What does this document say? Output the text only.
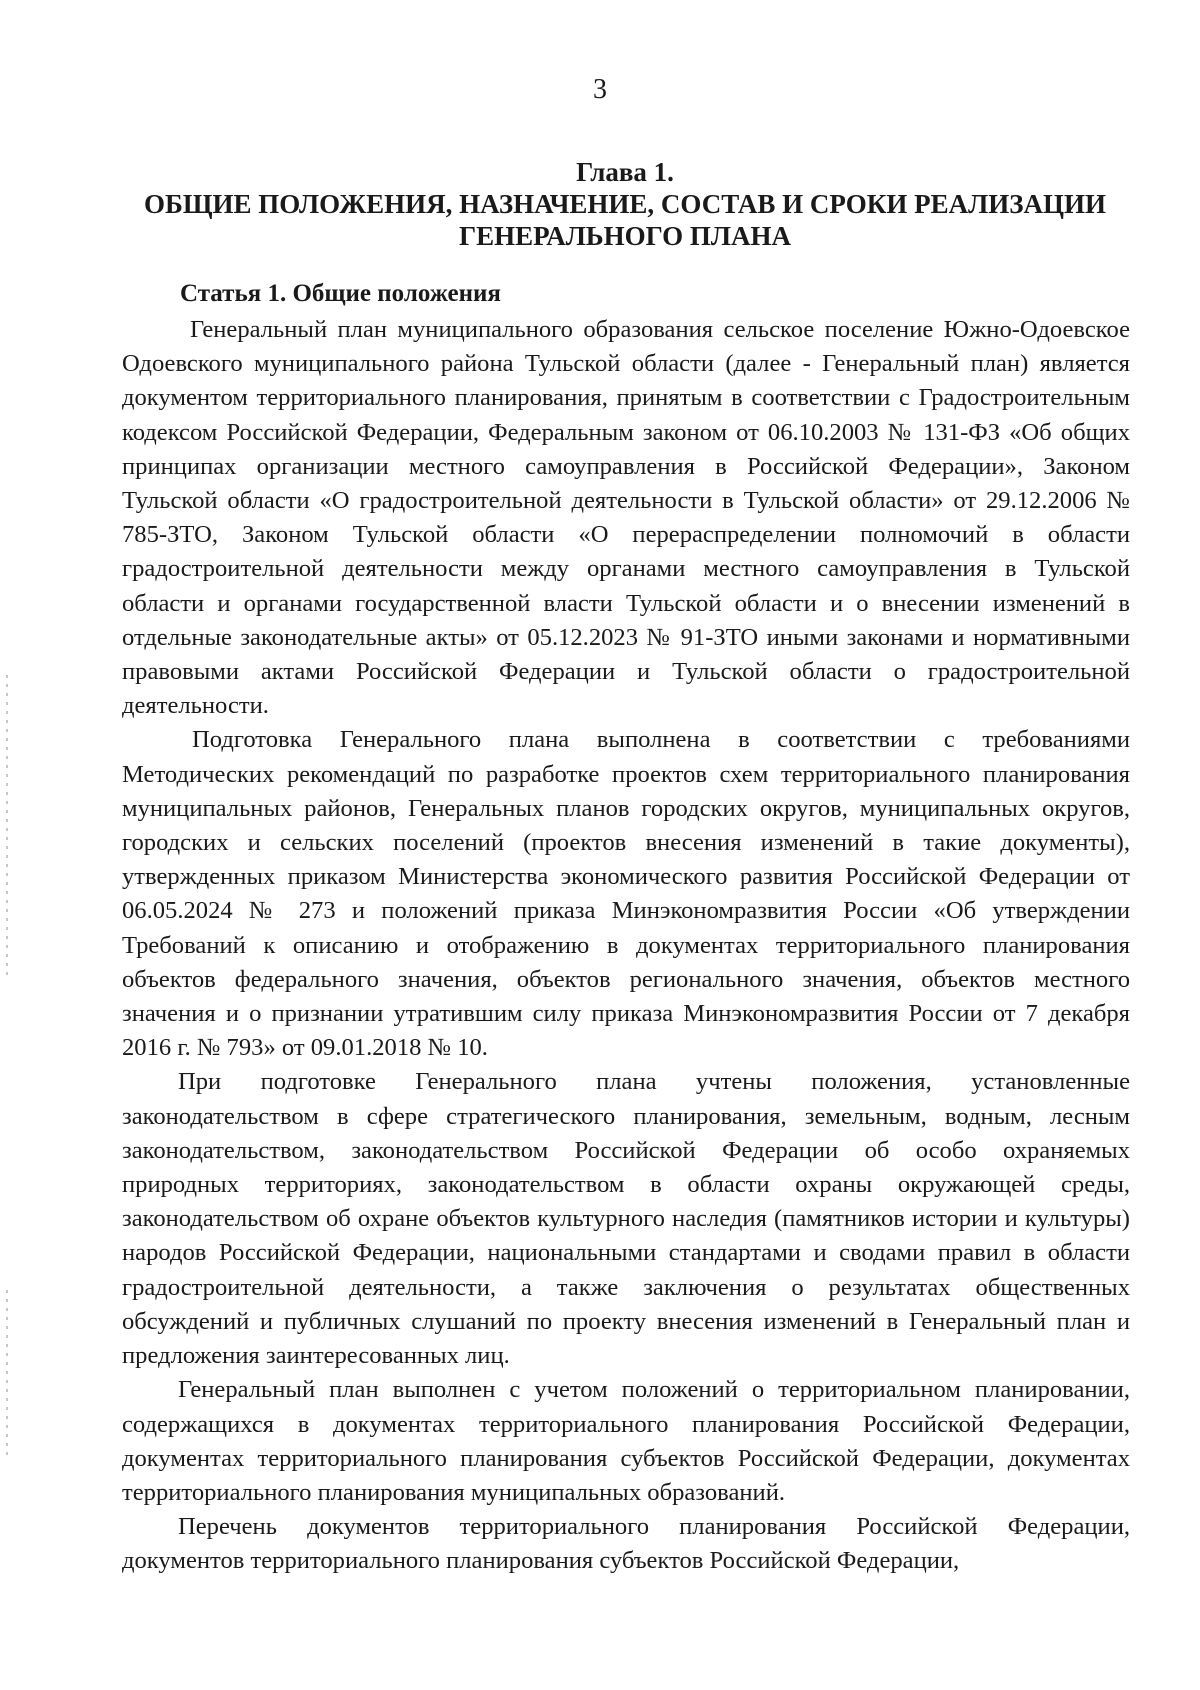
3
Глава 1.
ОБЩИЕ ПОЛОЖЕНИЯ, НАЗНАЧЕНИЕ, СОСТАВ И СРОКИ РЕАЛИЗАЦИИ
ГЕНЕРАЛЬНОГО ПЛАНА
Статья 1. Общие положения

Генеральный план муниципального образования сельское поселение Южно-Одоевское Одоевского муниципального района Тульской области (далее - Генеральный план) является документом территориального планирования, принятым в соответствии с Градостроительным кодексом Российской Федерации, Федеральным законом от 06.10.2003 № 131-ФЗ «Об общих принципах организации местного самоуправления в Российской Федерации», Законом Тульской области «О градостроительной деятельности в Тульской области» от 29.12.2006 № 785-ЗТО, Законом Тульской области «О перераспределении полномочий в области градостроительной деятельности между органами местного самоуправления в Тульской области и органами государственной власти Тульской области и о внесении изменений в отдельные законодательные акты» от 05.12.2023 № 91-ЗТО иными законами и нормативными правовыми актами Российской Федерации и Тульской области о градостроительной деятельности.

Подготовка Генерального плана выполнена в соответствии с требованиями Методических рекомендаций по разработке проектов схем территориального планирования муниципальных районов, Генеральных планов городских округов, муниципальных округов, городских и сельских поселений (проектов внесения изменений в такие документы), утвержденных приказом Министерства экономического развития Российской Федерации от 06.05.2024 № 273 и положений приказа Минэкономразвития России «Об утверждении Требований к описанию и отображению в документах территориального планирования объектов федерального значения, объектов регионального значения, объектов местного значения и о признании утратившим силу приказа Минэкономразвития России от 7 декабря 2016 г. № 793» от 09.01.2018 № 10.

При подготовке Генерального плана учтены положения, установленные законодательством в сфере стратегического планирования, земельным, водным, лесным законодательством, законодательством Российской Федерации об особо охраняемых природных территориях, законодательством в области охраны окружающей среды, законодательством об охране объектов культурного наследия (памятников истории и культуры) народов Российской Федерации, национальными стандартами и сводами правил в области градостроительной деятельности, а также заключения о результатах общественных обсуждений и публичных слушаний по проекту внесения изменений в Генеральный план и предложения заинтересованных лиц.

Генеральный план выполнен с учетом положений о территориальном планировании, содержащихся в документах территориального планирования Российской Федерации, документах территориального планирования субъектов Российской Федерации, документах территориального планирования муниципальных образований.

Перечень документов территориального планирования Российской Федерации, документов территориального планирования субъектов Российской Федерации,
